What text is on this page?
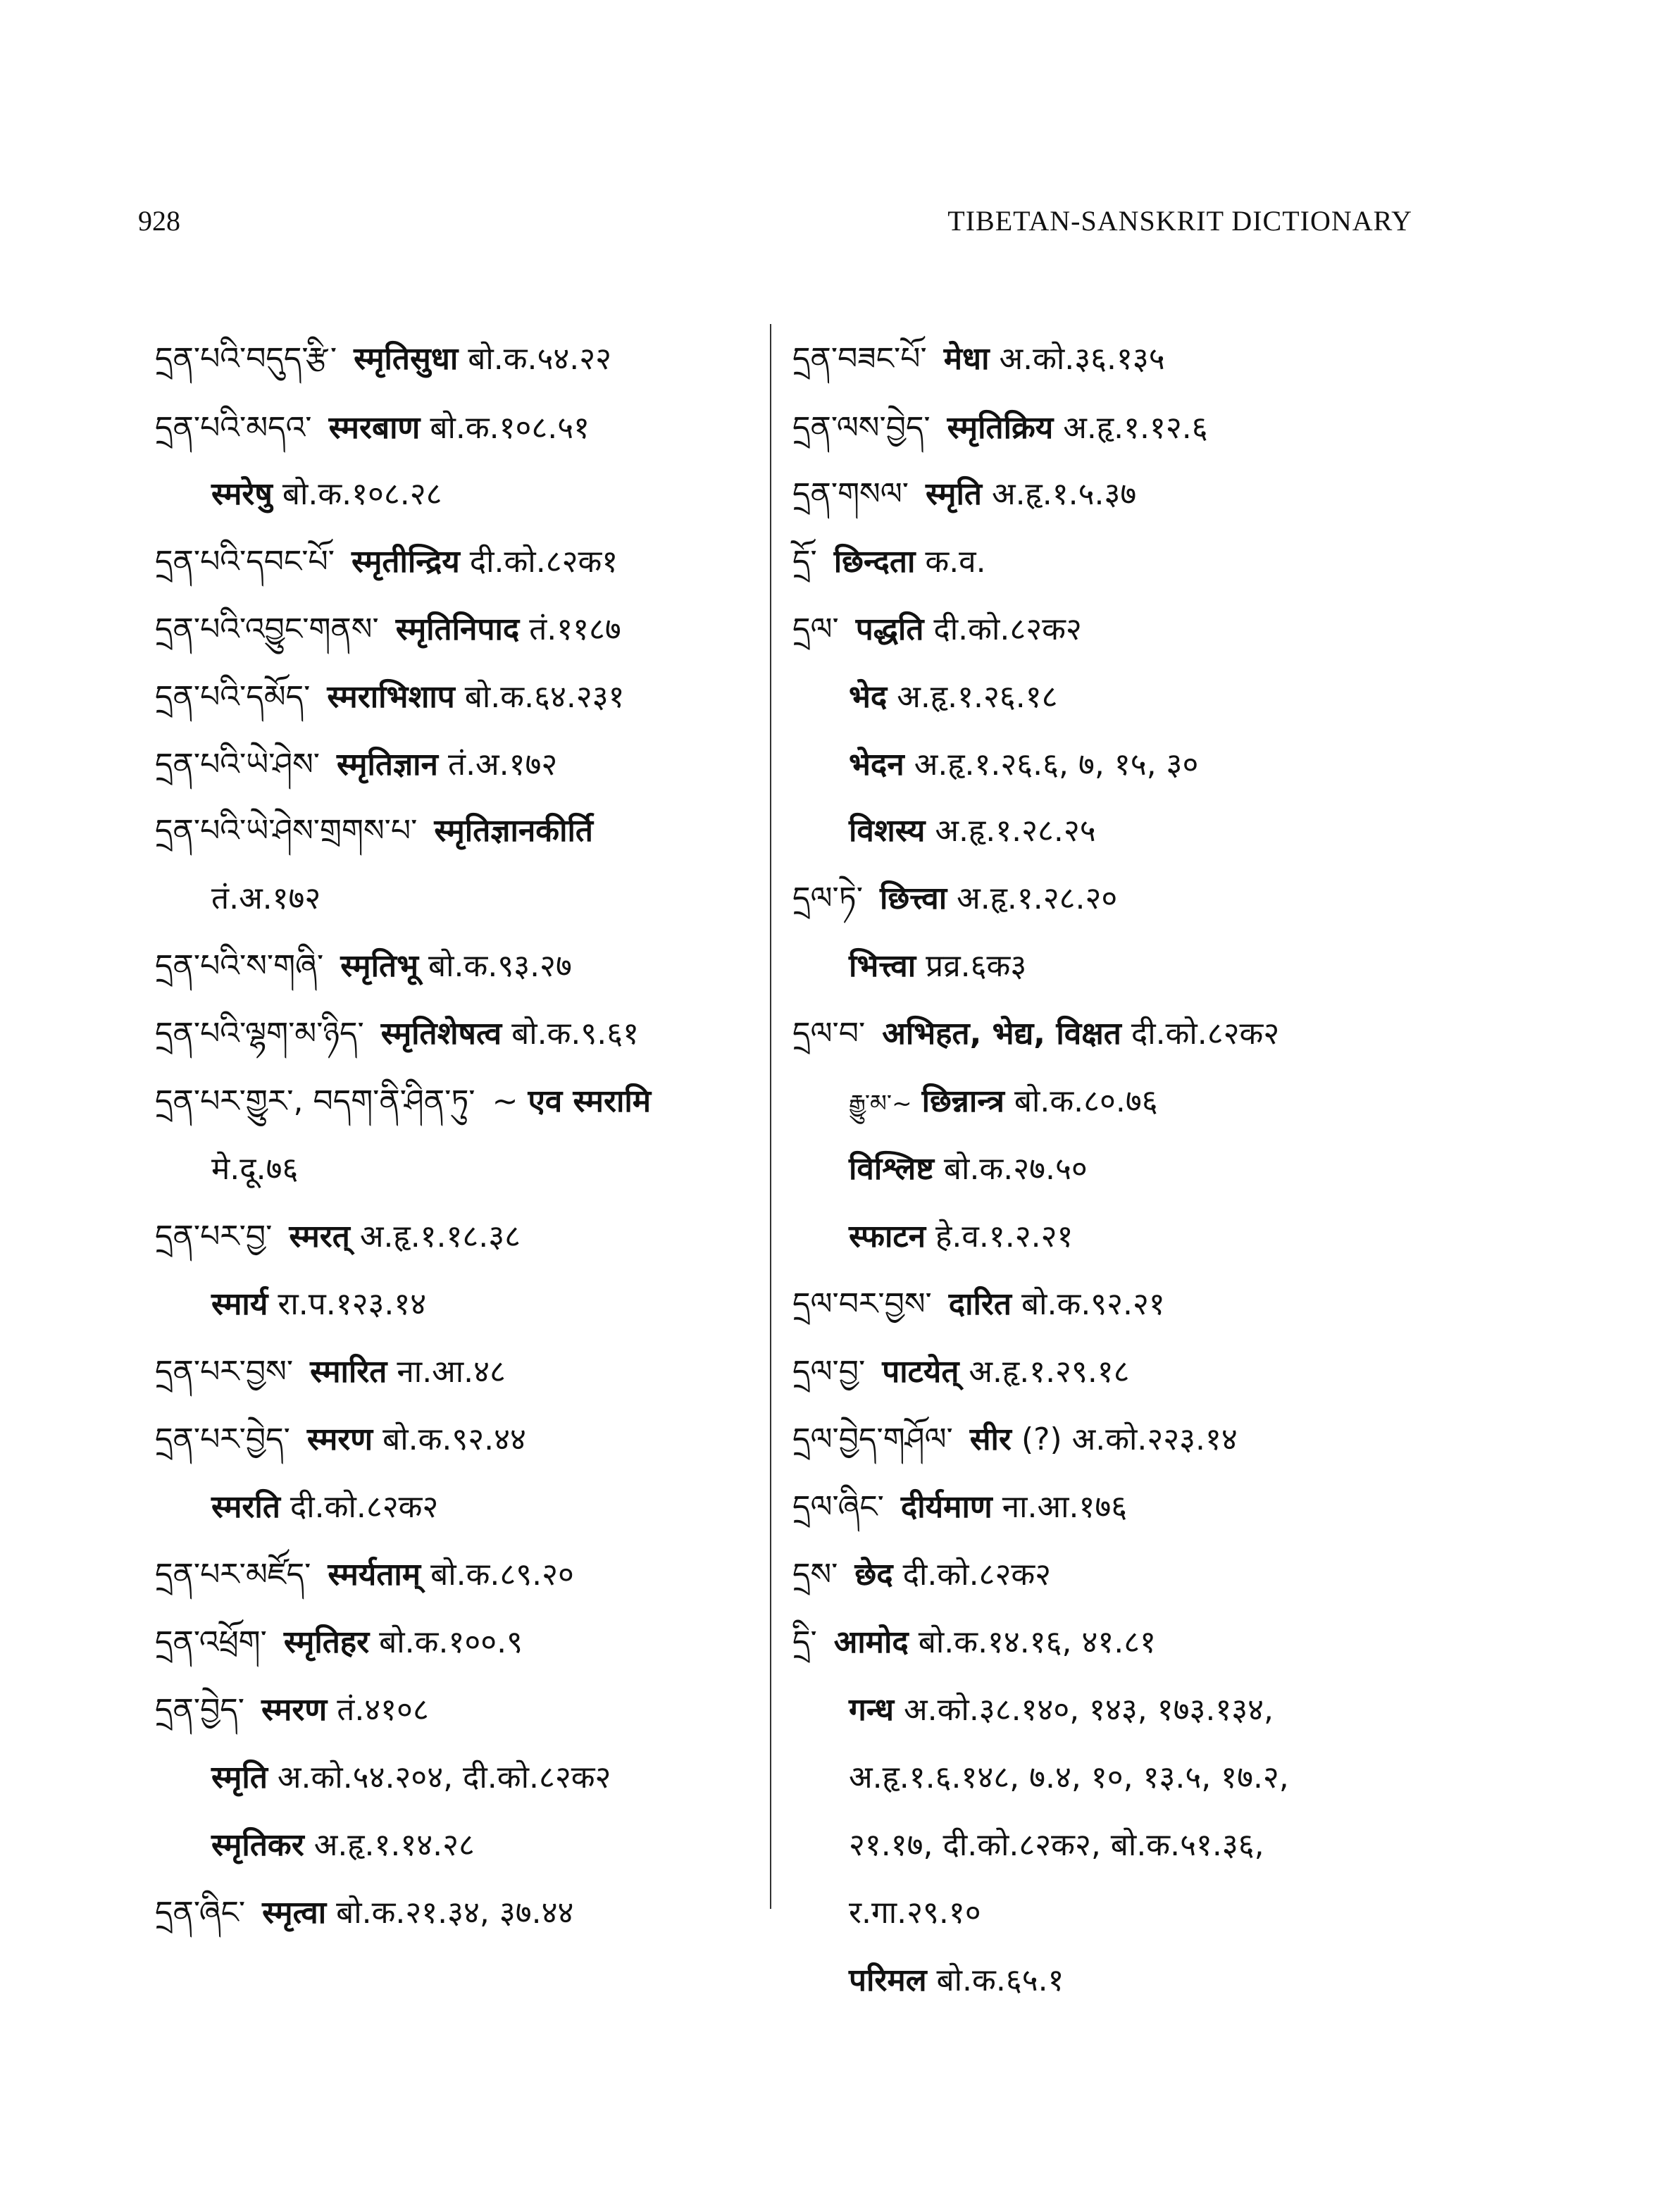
928	TIBETAN-SANSKRIT DICTIONARY
དྲན་པའི་བདུད་རྩི་ स्मृतिसुधा बो.क.५४.२२
དྲན་པའི་མདའ་ स्मरबाण बो.क.१०८.५१
स्मरेषु बो.क.१०८.२८
དྲན་པའི་དབང་པོ་ स्मृतीन्द्रिय दी.को.८२क१
དྲན་པའི་འབྱུང་གནས་ स्मृतिनिपाद तं.११८७
དྲན་པའི་དམོད་ स्मराभिशाप बो.क.६४.२३१
དྲན་པའི་ཡེ་ཤེས་ स्मृतिज्ञान तं.अ.१७२
དྲན་པའི་ཡེ་ཤེས་གྲགས་པ་ स्मृतिज्ञानकीर्ति
तं.अ.१७२
དྲན་པའི་ས་གཞི་ स्मृतिभू बो.क.९३.२७
དྲན་པའི་ལྷག་མ་ཉིད་ स्मृतिशेषत्व बो.क.९.६१
དྲན་པར་གྱུར་, བདག་ནི་ཤིན་ཏུ་ ~ एव स्मरामि
मे.दू.७६
དྲན་པར་བྱ་ स्मरत् अ.हृ.१.१८.३८
स्मार्य रा.प.१२३.१४
དྲན་པར་བྱས་ स्मारित ना.आ.४८
དྲན་པར་བྱེད་ स्मरण बो.क.९२.४४
स्मरति दी.को.८२क२
དྲན་པར་མཛོད་ स्मर्यताम् बो.क.८९.२०
དྲན་འཕྲོག་ स्मृतिहर बो.क.१००.९
དྲན་བྱེད་ स्मरण तं.४१०८
स्मृति अ.को.५४.२०४, दी.को.८२क२
स्मृतिकर अ.हृ.१.१४.२८
དྲན་ཞིང་ स्मृत्वा बो.क.२१.३४, ३७.४४
དྲན་བཟང་པོ་ मेधा अ.को.३६.१३५
དྲན་ལས་བྱེད་ स्मृतिक्रिय अ.हृ.१.१२.६
དྲན་གསལ་ स्मृति अ.हृ.१.५.३७
དྲོ་ छिन्दता क.व.
དྲལ་ पद्धति दी.को.८२क२
भेद अ.हृ.१.२६.१८
भेदन अ.हृ.१.२६.६, ७, १५, ३०
विशस्य अ.हृ.१.२८.२५
དྲལ་ཏེ་ छित्त्वा अ.हृ.१.२८.२०
भित्त्वा प्रव्र.६क३
དྲལ་བ་ अभिहत, भेद्य, विक्षत दी.को.८२क२
རྒྱུ་མ་~ छिन्नान्त्र बो.क.८०.७६
विश्लिष्ट बो.क.२७.५०
स्फाटन हे.व.१.२.२१
དྲལ་བར་བྱས་ दारित बो.क.९२.२१
དྲལ་བྱ་ पाटयेत् अ.हृ.१.२९.१८
དྲལ་བྱེད་གཤོལ་ सीर (?) अ.को.२२३.१४
དྲལ་ཞིང་ दीर्यमाण ना.आ.१७६
དྲས་ छेद दी.को.८२क२
དྲི་ आमोद बो.क.१४.१६, ४१.८१
गन्ध अ.को.३८.१४०, १४३, १७३.१३४,
अ.हृ.१.६.१४८, ७.४, १०, १३.५, १७.२,
२१.१७, दी.को.८२क२, बो.क.५१.३६,
र.गा.२९.१०
परिमल बो.क.६५.१
